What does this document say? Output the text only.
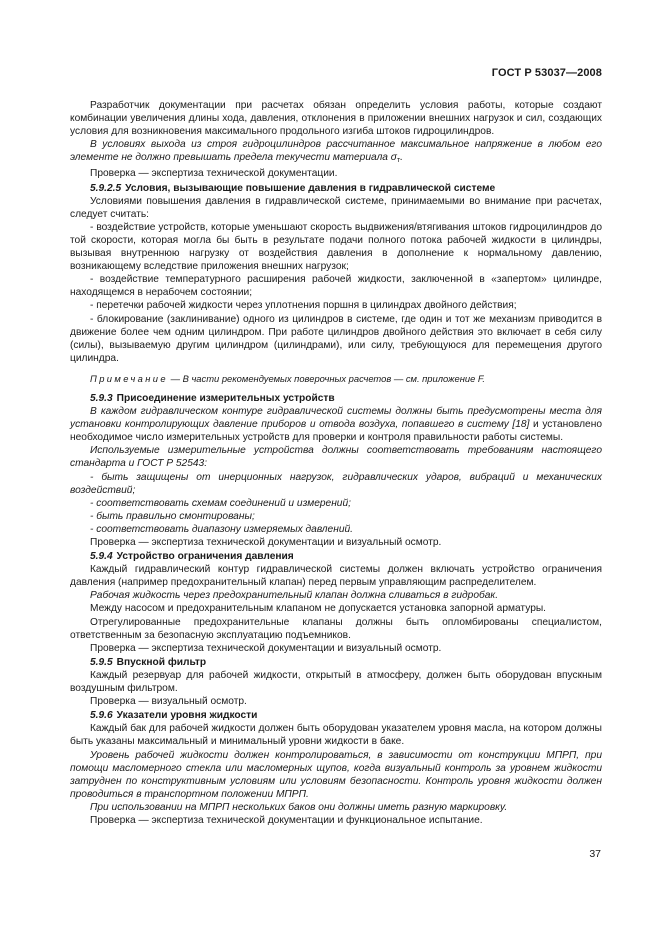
ГОСТ Р 53037—2008

Разработчик документации при расчетах обязан определить условия работы, которые создают комбинации увеличения длины хода, давления, отклонения в приложении внешних нагрузок и сил, создающих условия для возникновения максимального продольного изгиба штоков гидроцилиндров.

В условиях выхода из строя гидроцилиндров рассчитанное максимальное напряжение в любом его элементе не должно превышать предела текучести материала $\sigma_т$.

Проверка — экспертиза технической документации.

5.9.2.5 Условия, вызывающие повышение давления в гидравлической системе

Условиями повышения давления в гидравлической системе, принимаемыми во внимание при расчетах, следует считать:

- воздействие устройств, которые уменьшают скорость выдвижения/втягивания штоков гидроцилиндров до той скорости, которая могла бы быть в результате подачи полного потока рабочей жидкости в цилиндры, вызывая внутреннюю нагрузку от воздействия давления в дополнение к нормальному давлению, возникающему вследствие приложения внешних нагрузок;

- воздействие температурного расширения рабочей жидкости, заключенной в «запертом» цилиндре, находящемся в нерабочем состоянии;

- перетечки рабочей жидкости через уплотнения поршня в цилиндрах двойного действия;

- блокирование (заклинивание) одного из цилиндров в системе, где один и тот же механизм приводится в движение более чем одним цилиндром. При работе цилиндров двойного действия это включает в себя силу (силы), вызываемую другим цилиндром (цилиндрами), или силу, требующуюся для перемещения другого цилиндра.

Примечание — В части рекомендуемых поверочных расчетов — см. приложение F.

5.9.3 Присоединение измерительных устройств

В каждом гидравлическом контуре гидравлической системы должны быть предусмотрены места для установки контролирующих давление приборов и отвода воздуха, попавшего в систему [18] и установлено необходимое число измерительных устройств для проверки и контроля правильности работы системы.

Используемые измерительные устройства должны соответствовать требованиям настоящего стандарта и ГОСТ Р 52543:

- быть защищены от инерционных нагрузок, гидравлических ударов, вибраций и механических воздействий;

- соответствовать схемам соединений и измерений;

- быть правильно смонтированы;

- соответствовать диапазону измеряемых давлений.

Проверка — экспертиза технической документации и визуальный осмотр.

5.9.4 Устройство ограничения давления

Каждый гидравлический контур гидравлической системы должен включать устройство ограничения давления (например предохранительный клапан) перед первым управляющим распределителем.

Рабочая жидкость через предохранительный клапан должна сливаться в гидробак.

Между насосом и предохранительным клапаном не допускается установка запорной арматуры.

Отрегулированные предохранительные клапаны должны быть опломбированы специалистом, ответственным за безопасную эксплуатацию подъемников.

Проверка — экспертиза технической документации и визуальный осмотр.

5.9.5 Впускной фильтр

Каждый резервуар для рабочей жидкости, открытый в атмосферу, должен быть оборудован впускным воздушным фильтром.

Проверка — визуальный осмотр.

5.9.6 Указатели уровня жидкости

Каждый бак для рабочей жидкости должен быть оборудован указателем уровня масла, на котором должны быть указаны максимальный и минимальный уровни жидкости в баке.

Уровень рабочей жидкости должен контролироваться, в зависимости от конструкции МПРП, при помощи масломерного стекла или масломерных щупов, когда визуальный контроль за уровнем жидкости затруднен по конструктивным условиям или условиям безопасности. Контроль уровня жидкости должен проводиться в транспортном положении МПРП.

При использовании на МПРП нескольких баков они должны иметь разную маркировку.

Проверка — экспертиза технической документации и функциональное испытание.

37
